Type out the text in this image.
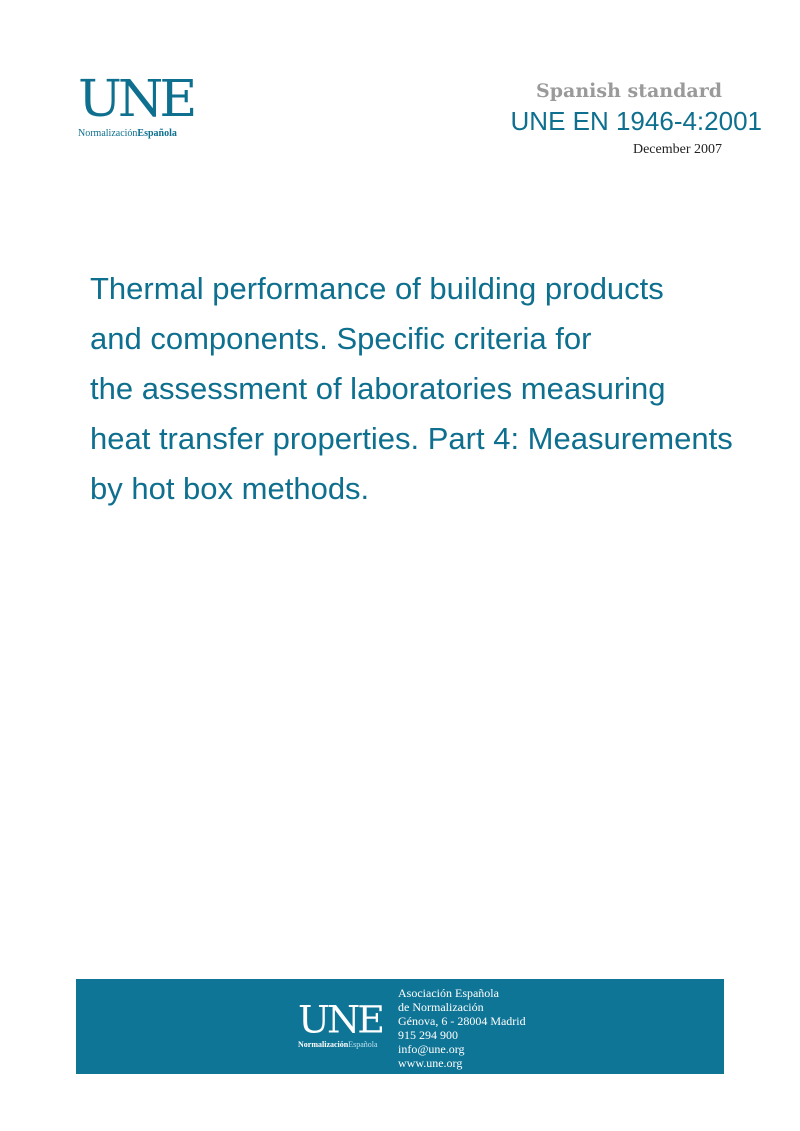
UNE
NormalizaciónEspañola
Spanish standard
UNE EN 1946-4:2001
December 2007
Thermal performance of building products
and components. Specific criteria for
the assessment of laboratories measuring
heat transfer properties. Part 4: Measurements
by hot box methods.
UNE
NormalizaciónEspañola
Asociación Española
de Normalización
Génova, 6 - 28004 Madrid
915 294 900
info@une.org
www.une.org
